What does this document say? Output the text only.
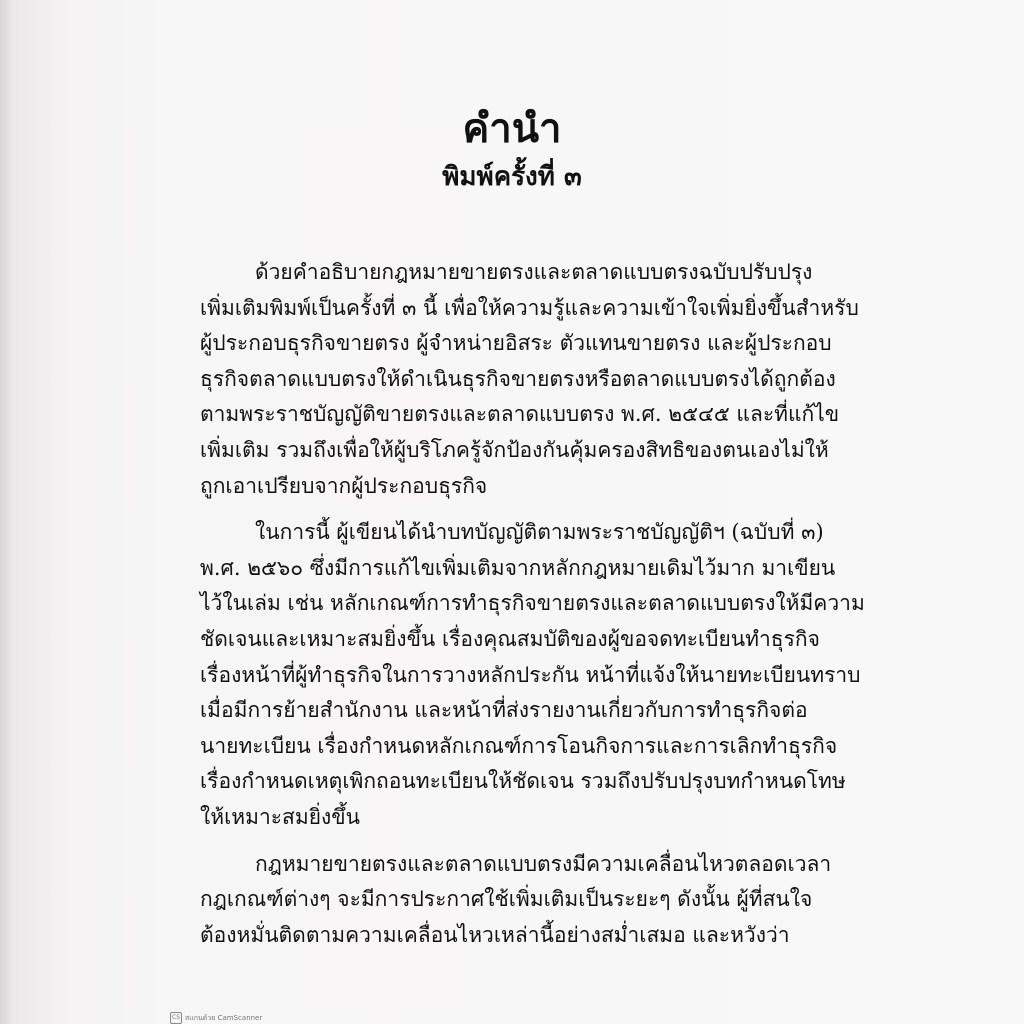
คำนำ
พิมพ์ครั้งที่ ๓

ด้วยคำอธิบายกฎหมายขายตรงและตลาดแบบตรงฉบับปรับปรุง
เพิ่มเติมพิมพ์เป็นครั้งที่ ๓ นี้ เพื่อให้ความรู้และความเข้าใจเพิ่มยิ่งขึ้นสำหรับ
ผู้ประกอบธุรกิจขายตรง ผู้จำหน่ายอิสระ ตัวแทนขายตรง และผู้ประกอบ
ธุรกิจตลาดแบบตรงให้ดำเนินธุรกิจขายตรงหรือตลาดแบบตรงได้ถูกต้อง
ตามพระราชบัญญัติขายตรงและตลาดแบบตรง พ.ศ. ๒๕๔๕ และที่แก้ไข
เพิ่มเติม รวมถึงเพื่อให้ผู้บริโภครู้จักป้องกันคุ้มครองสิทธิของตนเองไม่ให้
ถูกเอาเปรียบจากผู้ประกอบธุรกิจ

ในการนี้ ผู้เขียนได้นำบทบัญญัติตามพระราชบัญญัติฯ (ฉบับที่ ๓)
พ.ศ. ๒๕๖๐ ซึ่งมีการแก้ไขเพิ่มเติมจากหลักกฎหมายเดิมไว้มาก มาเขียน
ไว้ในเล่ม เช่น หลักเกณฑ์การทำธุรกิจขายตรงและตลาดแบบตรงให้มีความ
ชัดเจนและเหมาะสมยิ่งขึ้น เรื่องคุณสมบัติของผู้ขอจดทะเบียนทำธุรกิจ
เรื่องหน้าที่ผู้ทำธุรกิจในการวางหลักประกัน หน้าที่แจ้งให้นายทะเบียนทราบ
เมื่อมีการย้ายสำนักงาน และหน้าที่ส่งรายงานเกี่ยวกับการทำธุรกิจต่อ
นายทะเบียน เรื่องกำหนดหลักเกณฑ์การโอนกิจการและการเลิกทำธุรกิจ
เรื่องกำหนดเหตุเพิกถอนทะเบียนให้ชัดเจน รวมถึงปรับปรุงบทกำหนดโทษ
ให้เหมาะสมยิ่งขึ้น

กฎหมายขายตรงและตลาดแบบตรงมีความเคลื่อนไหวตลอดเวลา
กฎเกณฑ์ต่างๆ จะมีการประกาศใช้เพิ่มเติมเป็นระยะๆ ดังนั้น ผู้ที่สนใจ
ต้องหมั่นติดตามความเคลื่อนไหวเหล่านี้อย่างสม่ำเสมอ และหวังว่า

CS สแกนด้วย CamScanner
